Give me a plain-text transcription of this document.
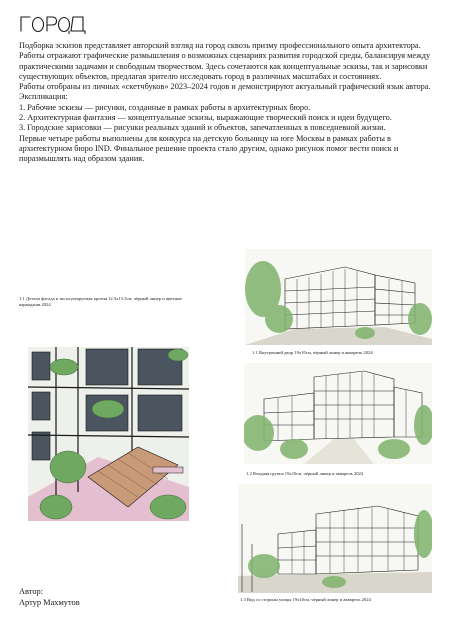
Подборка эскизов представляет авторский взгляд на город сквозь призму профессионального опыта архитектора. Работы отражают графические размышления о возможных сценариях развития городской среды, балансируя между практическими задачами и свободным творчеством. Здесь сочетаются как концептуальные эскизы, так и зарисовки существующих объектов, предлагая зрителю исследовать город в различных масштабах и состояниях.

Работы отобраны из личных «скетчбуков» 2023–2024 годов и демонстрируют актуальный графический язык автора.

Экспликация:

1. Рабочие эскизы — рисунки, созданные в рамках работы в архитектурных бюро.

2. Архитектурная фантазия — концептуальные эскизы, выражающие творческий поиск и идеи будущего.

3. Городские зарисовки — рисунки реальных зданий и объектов, запечатленных в повседневной жизни.

Первые четыре работы выполнены для конкурса на детскую больницу на юге Москвы в рамках работы в архитектурном бюро IND. Финальное решение проекта стало другим, однако рисунок помог вести поиск и поразмышлять над образом здания.

1.1 Детали фасада и эксплуатируемая кровля 12.5х13.5см, чёрный линер и цветные карандаши 2024
1.1 Внутренний двор 19х10см, чёрный линер и акварель 2024
1.2 Входная группа 19х10см, чёрный линер и акварель 2024
1.3 Вид со стороны улицы 19х10см, чёрный линер и акварель 2024
Автор:
Артур Махмутов
